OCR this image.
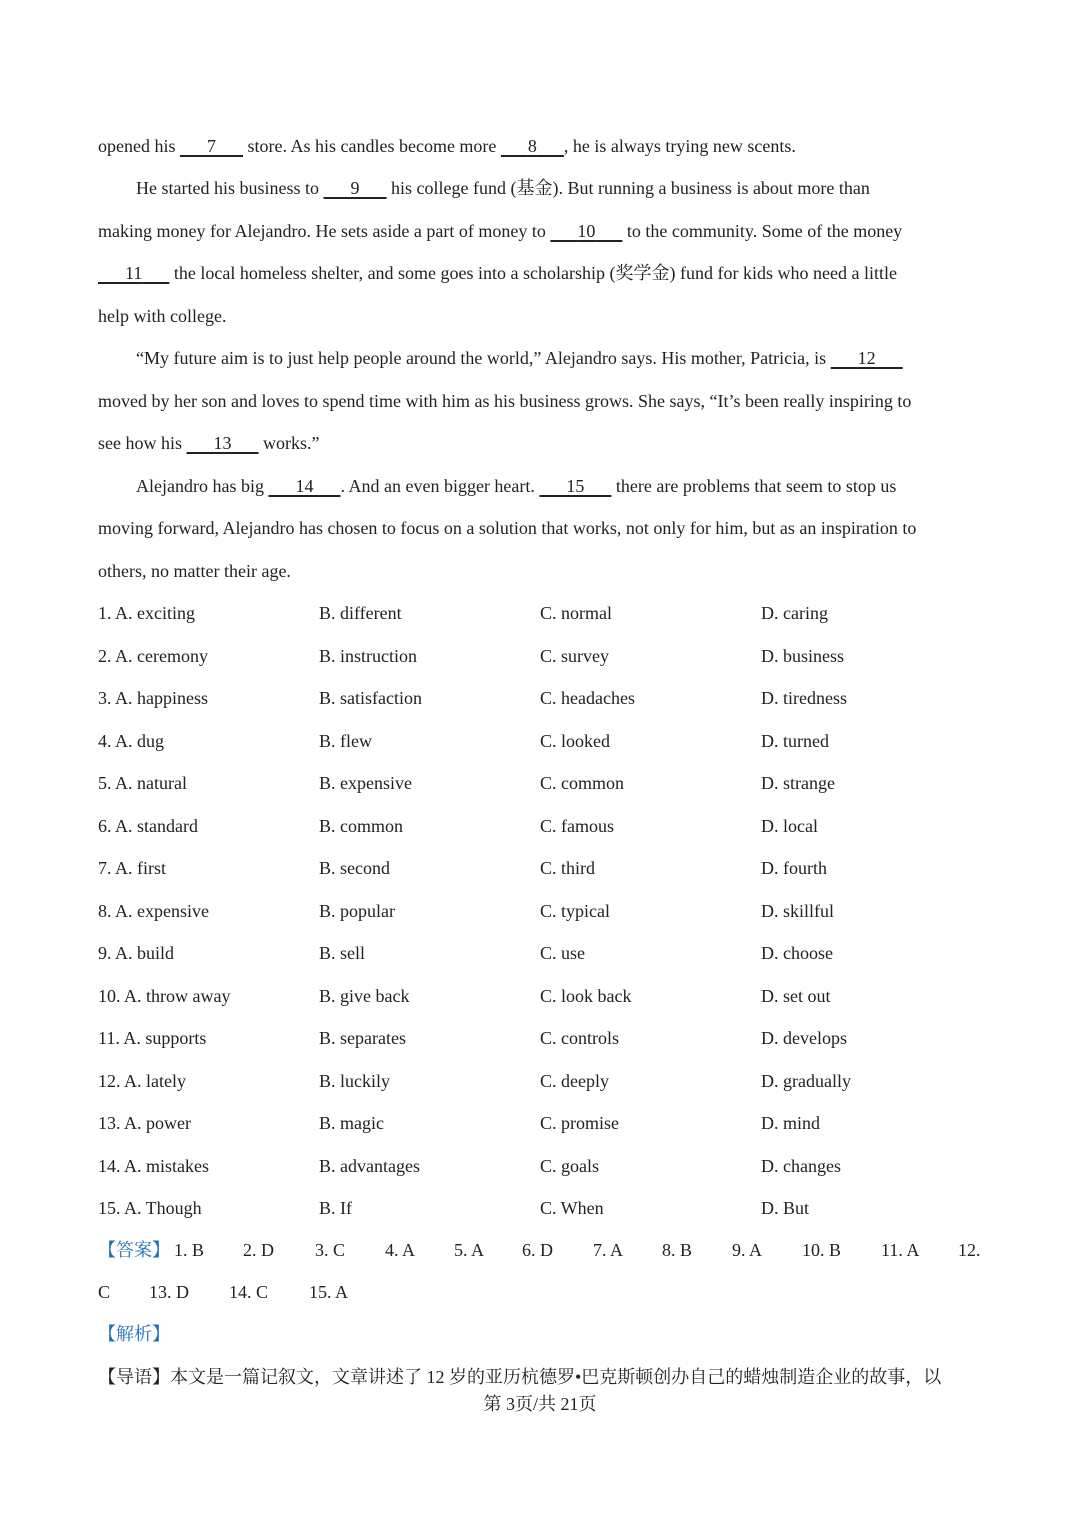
opened his 7 store. As his candles become more 8 , he is always trying new scents.
He started his business to 9 his college fund (基金). But running a business is about more than
making money for Alejandro. He sets aside a part of money to 10 to the community. Some of the money
11 the local homeless shelter, and some goes into a scholarship (奖学金) fund for kids who need a little
help with college.
“My future aim is to just help people around the world,” Alejandro says. His mother, Patricia, is 12
moved by her son and loves to spend time with him as his business grows. She says, “It’s been really inspiring to
see how his 13 works.”
Alejandro has big 14 . And an even bigger heart. 15 there are problems that seem to stop us
moving forward, Alejandro has chosen to focus on a solution that works, not only for him, but as an inspiration to
others, no matter their age.
1. A. exciting	B. different	C. normal	D. caring
2. A. ceremony	B. instruction	C. survey	D. business
3. A. happiness	B. satisfaction	C. headaches	D. tiredness
4. A. dug	B. flew	C. looked	D. turned
5. A. natural	B. expensive	C. common	D. strange
6. A. standard	B. common	C. famous	D. local
7. A. first	B. second	C. third	D. fourth
8. A. expensive	B. popular	C. typical	D. skillful
9. A. build	B. sell	C. use	D. choose
10. A. throw away	B. give back	C. look back	D. set out
11. A. supports	B. separates	C. controls	D. develops
12. A. lately	B. luckily	C. deeply	D. gradually
13. A. power	B. magic	C. promise	D. mind
14. A. mistakes	B. advantages	C. goals	D. changes
15. A. Though	B. If	C. When	D. But
【答案】 1. B 2. D 3. C 4. A 5. A 6. D 7. A 8. B 9. A 10. B 11. A 12.
C 13. D 14. C 15. A
【解析】
【导语】本文是一篇记叙文，文章讲述了 12 岁的亚历杭德罗•巴克斯顿创办自己的蜡烛制造企业的故事，以
第 3页/共 21页
